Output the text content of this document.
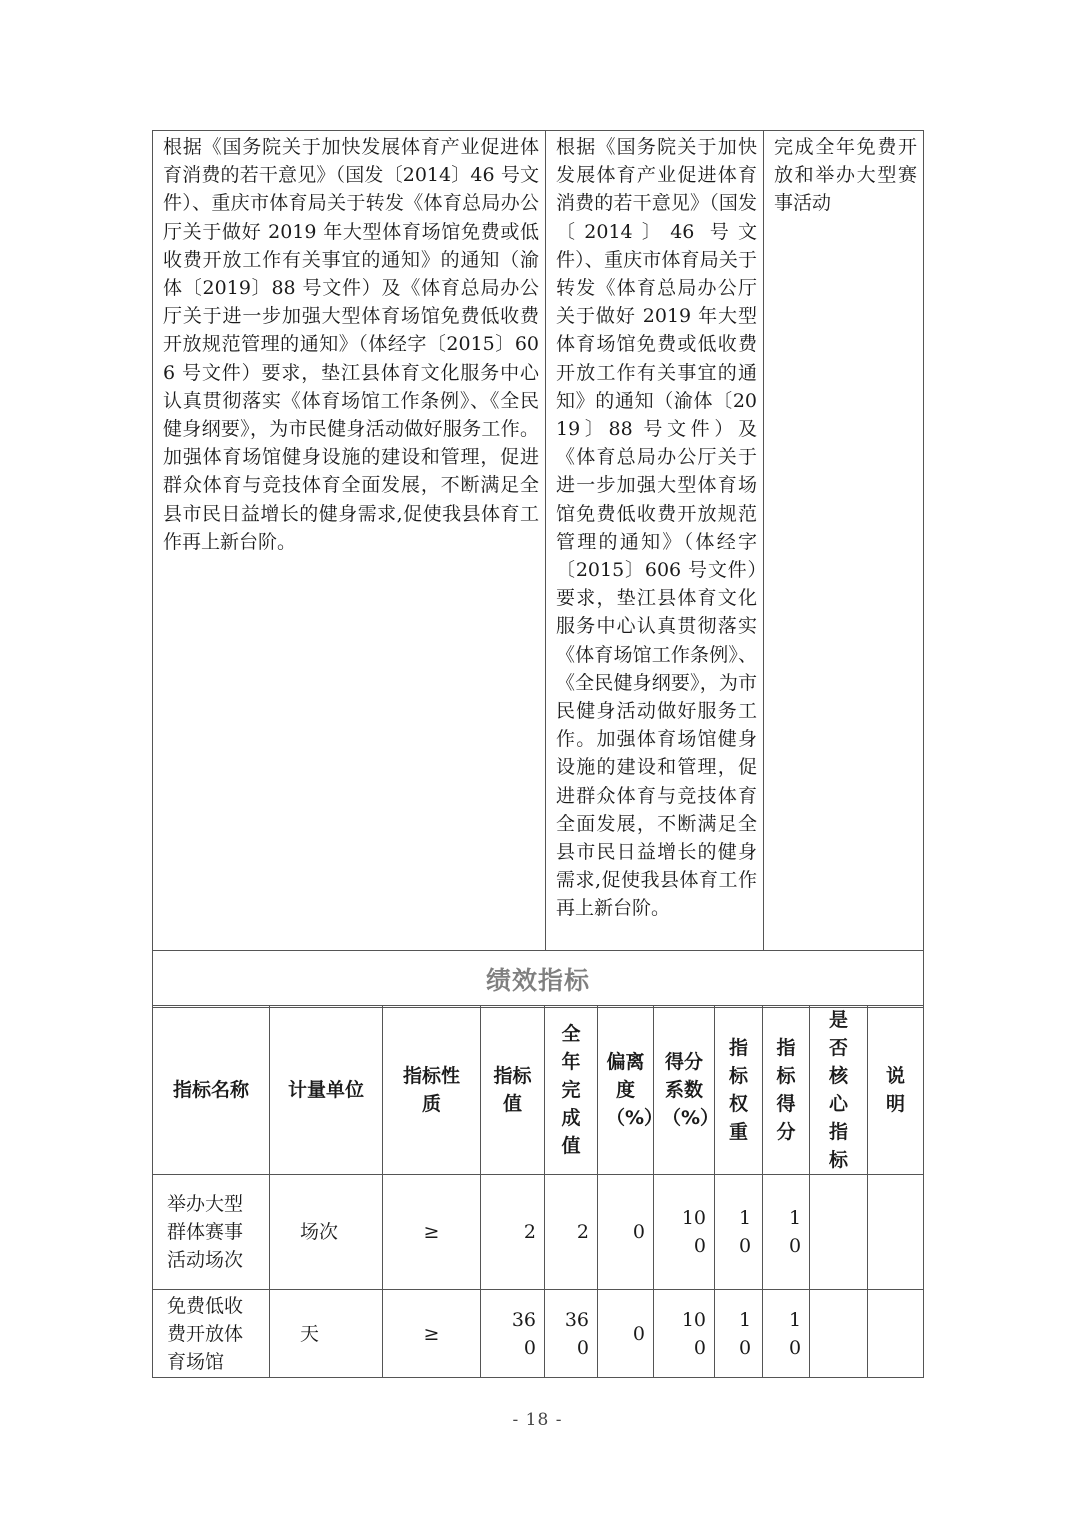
根据《国务院关于加快发展体育产业促进体育消费的若干意见》（国发〔2014〕46 号文件）、重庆市体育局关于转发《体育总局办公厅关于做好 2019 年大型体育场馆免费或低收费开放工作有关事宜的通知》的通知（渝体〔2019〕88 号文件）及《体育总局办公厅关于进一步加强大型体育场馆免费低收费开放规范管理的通知》（体经字〔2015〕606 号文件）要求，垫江县体育文化服务中心认真贯彻落实《体育场馆工作条例》、《全民健身纲要》，为市民健身活动做好服务工作。加强体育场馆健身设施的建设和管理，促进群众体育与竞技体育全面发展，不断满足全县市民日益增长的健身需求,促使我县体育工作再上新台阶。

根据《国务院关于加快发展体育产业促进体育消费的若干意见》（国发〔2014〕46 号文件）、重庆市体育局关于转发《体育总局办公厅关于做好 2019 年大型体育场馆免费或低收费开放工作有关事宜的通知》的通知（渝体〔2019〕88 号文件）及《体育总局办公厅关于进一步加强大型体育场馆免费低收费开放规范管理的通知》（体经字〔2015〕606 号文件）要求，垫江县体育文化服务中心认真贯彻落实《体育场馆工作条例》、《全民健身纲要》，为市民健身活动做好服务工作。加强体育场馆健身设施的建设和管理，促进群众体育与竞技体育全面发展，不断满足全县市民日益增长的健身需求,促使我县体育工作再上新台阶。

完成全年免费开放和举办大型赛事活动

绩效指标
指标名称	计量单位	指标性质	指标值	全年完成值	偏离度（%）	得分系数（%）	指标权重	指标得分	是否核心指标	说明
举办大型群体赛事活动场次	场次	≥	2	2	0	100	10	10		
免费低收费开放体育场馆	天	≥	360	360	0	100	10	10		
- 18 -
